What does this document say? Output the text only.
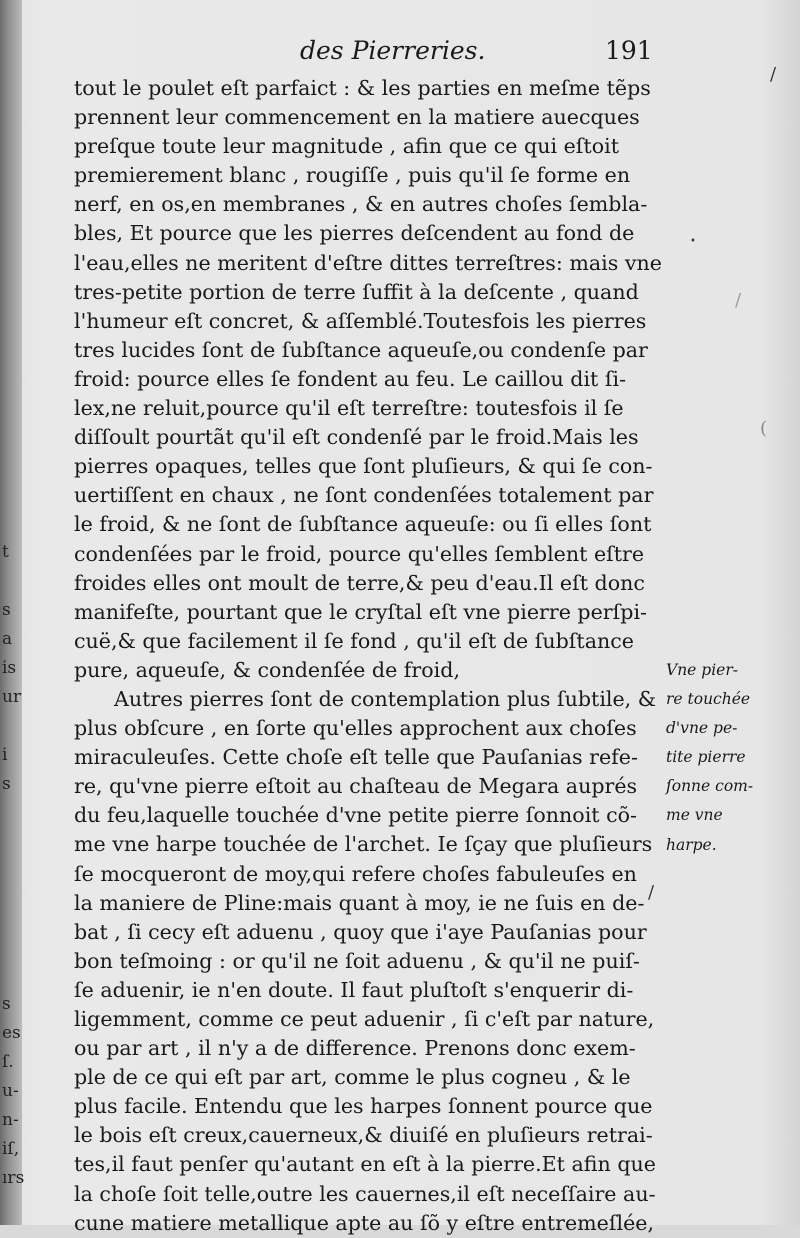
t
s
a
is
ur
i
s
s
es
ſ.
u-
n-
iſ,
ırs
des Pierreries.	191
tout le poulet eſt parfaict : & les parties en meſme tẽps
prennent leur commencement en la matiere auecques
preſque toute leur magnitude , afin que ce qui eſtoit
premierement blanc , rougiſſe , puis qu'il ſe forme en
nerf, en os,en membranes , & en autres choſes ſembla-
bles, Et pource que les pierres deſcendent au fond de
l'eau,elles ne meritent d'eſtre dittes terreſtres: mais vne
tres-petite portion de terre ſuffit à la deſcente , quand
l'humeur eſt concret, & aſſemblé.Toutesfois les pierres
tres lucides ſont de ſubſtance aqueuſe,ou condenſe par
froid: pource elles ſe fondent au feu. Le caillou dit ſi-
lex,ne reluit,pource qu'il eſt terreſtre: toutesfois il ſe
diſſoult pourtãt qu'il eſt condenſé par le froid.Mais les
pierres opaques, telles que ſont pluſieurs, & qui ſe con-
uertiſſent en chaux , ne ſont condenſées totalement par
le froid, & ne ſont de ſubſtance aqueuſe: ou ſi elles ſont
condenſées par le froid, pource qu'elles ſemblent eſtre
froides elles ont moult de terre,& peu d'eau.Il eſt donc
manifeſte, pourtant que le cryſtal eſt vne pierre perſpi-
cuë,& que facilement il ſe fond , qu'il eſt de ſubſtance
pure, aqueuſe, & condenſée de froid,
Autres pierres ſont de contemplation plus ſubtile, &
plus obſcure , en ſorte qu'elles approchent aux choſes
miraculeuſes. Cette choſe eſt telle que Pauſanias refe-
re, qu'vne pierre eſtoit au chaſteau de Megara auprés
du feu,laquelle touchée d'vne petite pierre ſonnoit cõ-
me vne harpe touchée de l'archet. Ie ſçay que pluſieurs
ſe mocqueront de moy,qui refere choſes fabuleuſes en
la maniere de Pline:mais quant à moy, ie ne ſuis en de-
bat , ſi cecy eſt aduenu , quoy que i'aye Pauſanias pour
bon teſmoing : or qu'il ne ſoit aduenu , & qu'il ne puiſ-
ſe aduenir, ie n'en doute. Il faut pluſtoſt s'enquerir di-
ligemment, comme ce peut aduenir , ſi c'eſt par nature,
ou par art , il n'y a de difference. Prenons donc exem-
ple de ce qui eſt par art, comme le plus cogneu , & le
plus facile. Entendu que les harpes ſonnent pource que
le bois eſt creux,cauerneux,& diuiſé en pluſieurs retrai-
tes,il faut penſer qu'autant en eſt à la pierre.Et afin que
la choſe ſoit telle,outre les cauernes,il eſt neceſſaire au-
cune matiere metallique apte au ſõ y eſtre entremeſlée,
Vne pier-
re touchée
d'vne pe-
tite pierre
ſonne com-
me vne
harpe.
/
•
/
(
/
